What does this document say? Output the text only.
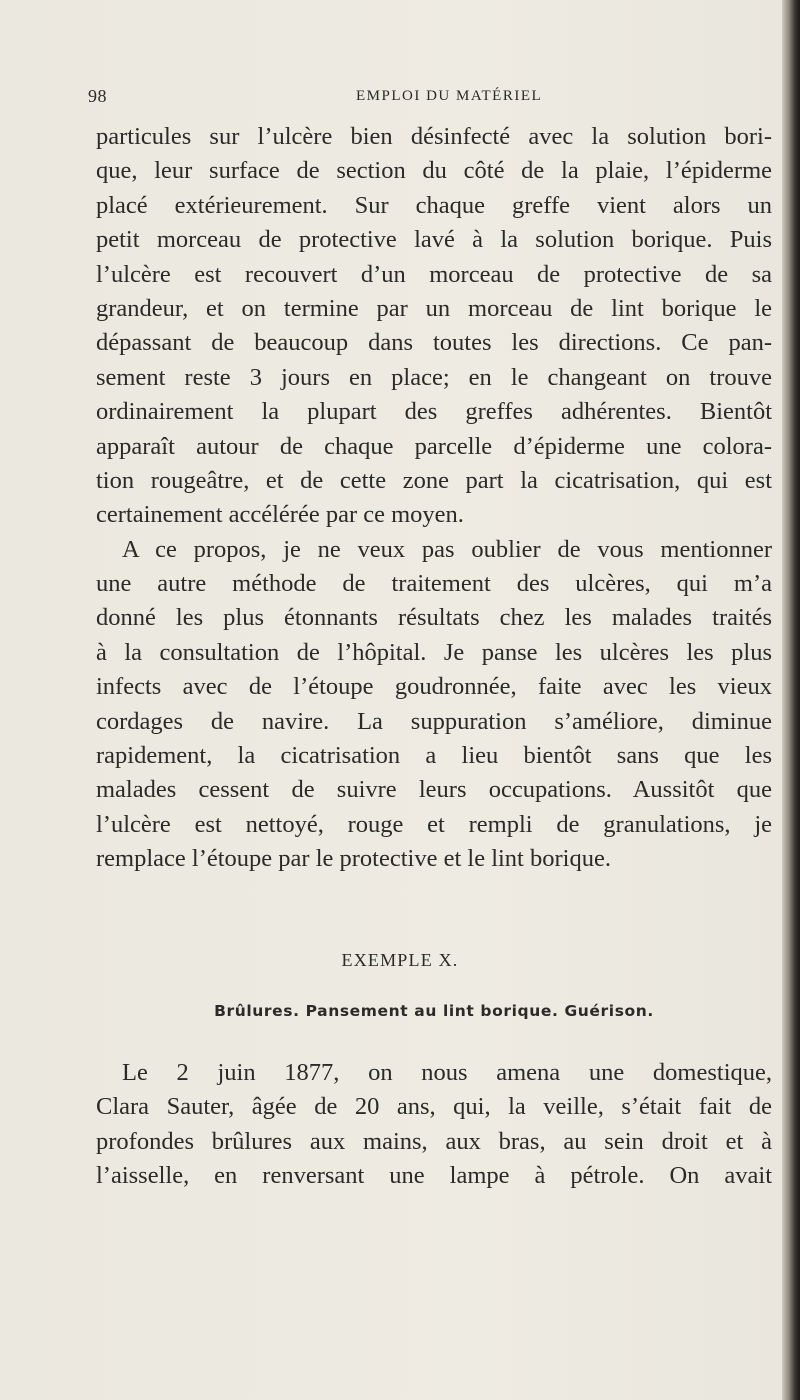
98	EMPLOI DU MATÉRIEL
particules sur l’ulcère bien désinfecté avec la solution bori-
que, leur surface de section du côté de la plaie, l’épiderme
placé extérieurement. Sur chaque greffe vient alors un
petit morceau de protective lavé à la solution borique. Puis
l’ulcère est recouvert d’un morceau de protective de sa
grandeur, et on termine par un morceau de lint borique le
dépassant de beaucoup dans toutes les directions. Ce pan-
sement reste 3 jours en place; en le changeant on trouve
ordinairement la plupart des greffes adhérentes. Bientôt
apparaît autour de chaque parcelle d’épiderme une colora-
tion rougeâtre, et de cette zone part la cicatrisation, qui est
certainement accélérée par ce moyen.
A ce propos, je ne veux pas oublier de vous mentionner
une autre méthode de traitement des ulcères, qui m’a
donné les plus étonnants résultats chez les malades traités
à la consultation de l’hôpital. Je panse les ulcères les plus
infects avec de l’étoupe goudronnée, faite avec les vieux
cordages de navire. La suppuration s’améliore, diminue
rapidement, la cicatrisation a lieu bientôt sans que les
malades cessent de suivre leurs occupations. Aussitôt que
l’ulcère est nettoyé, rouge et rempli de granulations, je
remplace l’étoupe par le protective et le lint borique.
EXEMPLE X.
Brûlures. Pansement au lint borique. Guérison.
Le 2 juin 1877, on nous amena une domestique,
Clara Sauter, âgée de 20 ans, qui, la veille, s’était fait de
profondes brûlures aux mains, aux bras, au sein droit et à
l’aisselle, en renversant une lampe à pétrole. On avait
